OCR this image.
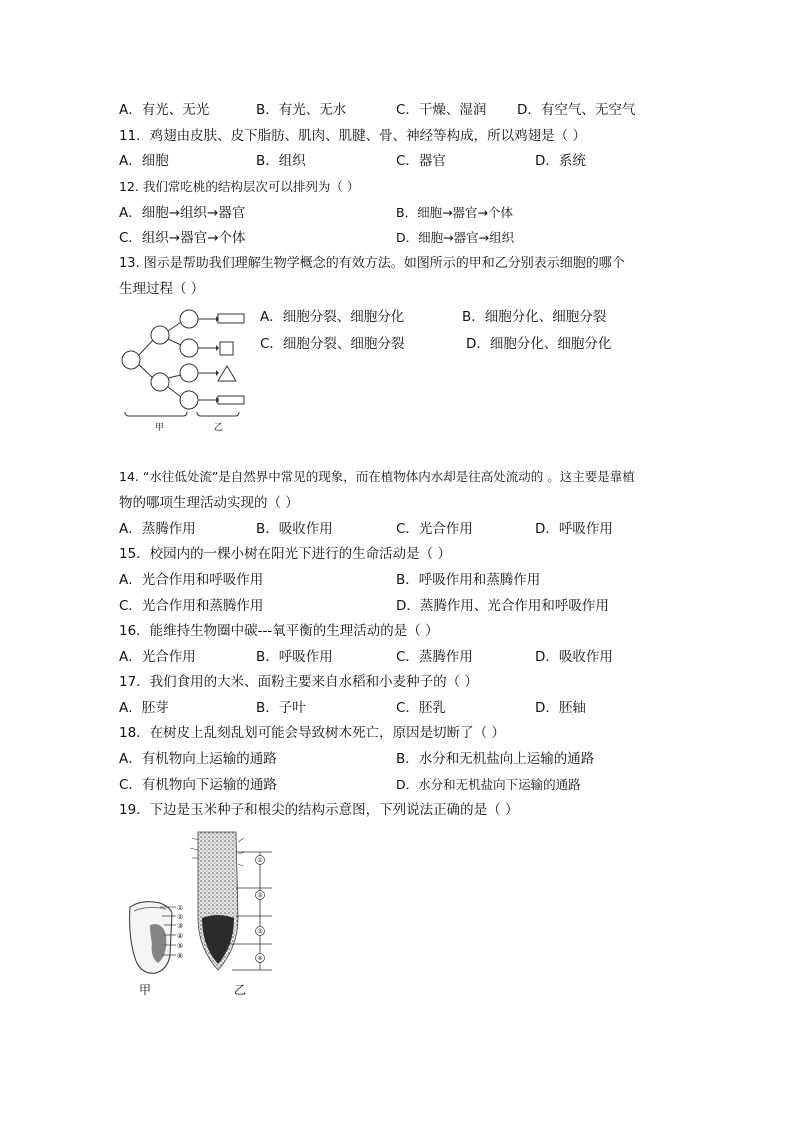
A．有光、无光	B．有光、无水	C．干燥、湿润 D．有空气、无空气
11．鸡翅由皮肤、皮下脂肪、肌肉、肌腱、骨、神经等构成，所以鸡翅是（ ）
A．细胞	B．组织	C．器官	D．系统
12. 我们常吃桃的结构层次可以排列为（ ）
A．细胞→组织→器官	B．细胞→器官→个体
C．组织→器官→个体	D．细胞→器官→组织
13. 图示是帮助我们理解生物学概念的有效方法。如图所示的甲和乙分别表示细胞的哪个
生理过程（ ）
甲	乙
A．细胞分裂、细胞分化	B．细胞分化、细胞分裂
C．细胞分裂、细胞分裂	D．细胞分化、细胞分化
14. “水往低处流”是自然界中常见的现象，而在植物体内水却是往高处流动的 。这主要是靠植
物的哪项生理活动实现的（ ）
A．蒸腾作用	B．吸收作用	C．光合作用	D．呼吸作用
15．校园内的一棵小树在阳光下进行的生命活动是（ ）
A．光合作用和呼吸作用	B．呼吸作用和蒸腾作用
C．光合作用和蒸腾作用	D．蒸腾作用、光合作用和呼吸作用
16．能维持生物圈中碳---氧平衡的生理活动的是（ ）
A．光合作用	B．呼吸作用	C．蒸腾作用	D．吸收作用
17．我们食用的大米、面粉主要来自水稻和小麦种子的（ ）
A．胚芽	B．子叶	C．胚乳	D．胚轴
18．在树皮上乱刻乱划可能会导致树木死亡，原因是切断了（ ）
A．有机物向上运输的通路	B．水分和无机盐向上运输的通路
C．有机物向下运输的通路	D．水分和无机盐向下运输的通路
19．下边是玉米种子和根尖的结构示意图，下列说法正确的是（ ）
①
②
③
④
⑤
⑥
①
②
③
④
甲	乙
